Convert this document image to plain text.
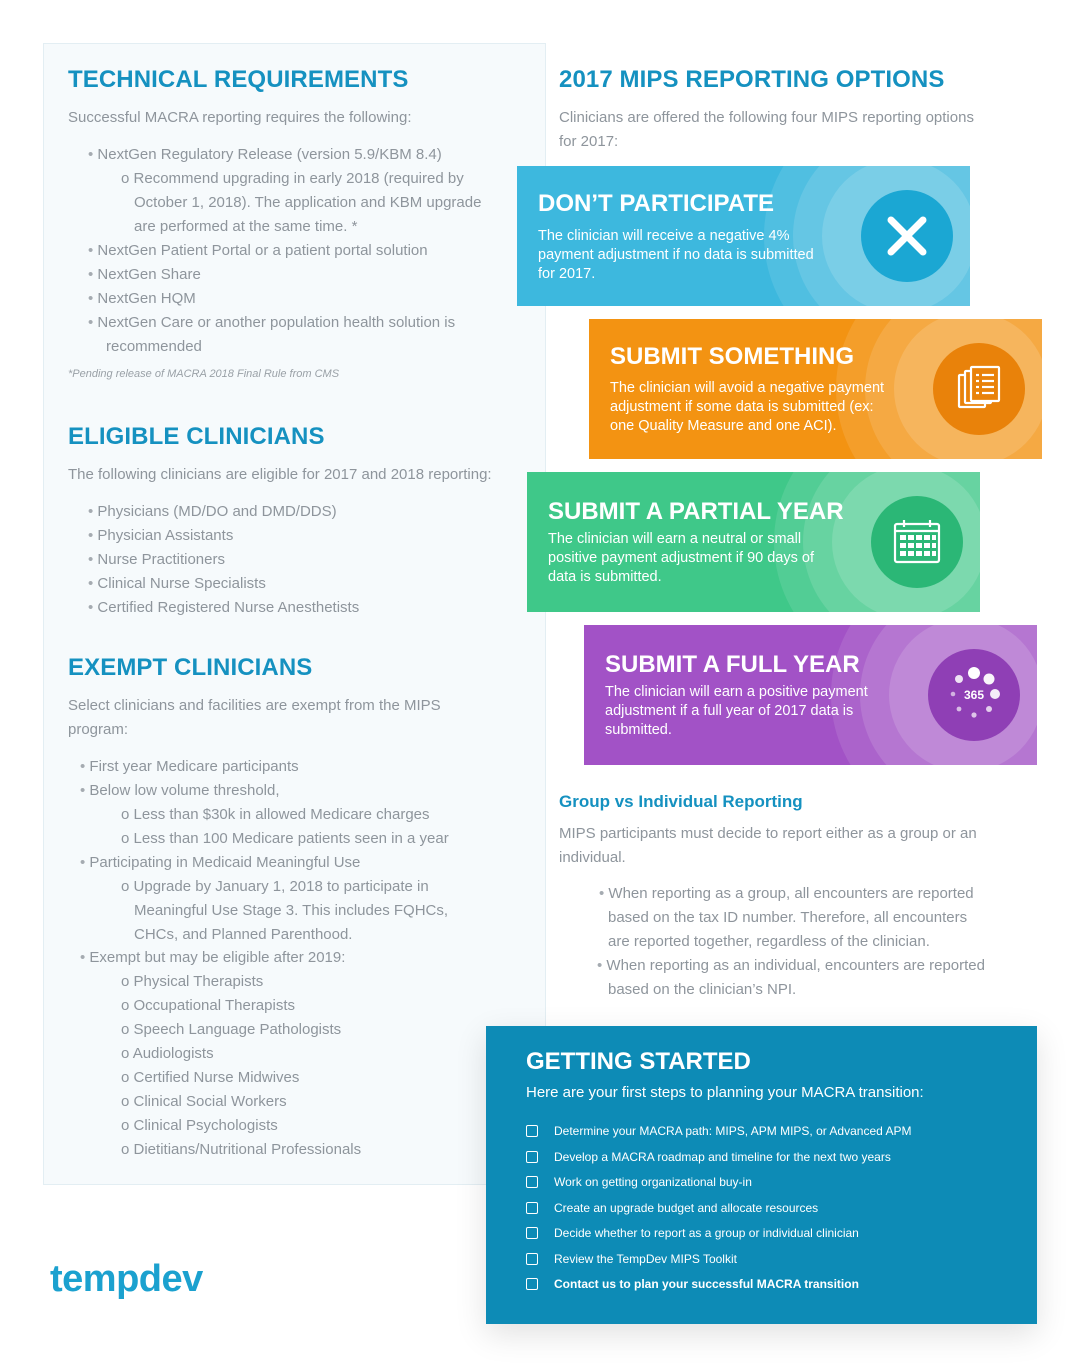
TECHNICAL REQUIREMENTS
Successful MACRA reporting requires the following:
• NextGen Regulatory Release (version 5.9/KBM 8.4)
o Recommend upgrading in early 2018 (required by
October 1, 2018). The application and KBM upgrade
are performed at the same time. *
• NextGen Patient Portal or a patient portal solution
• NextGen Share
• NextGen HQM
• NextGen Care or another population health solution is
recommended
*Pending release of MACRA 2018 Final Rule from CMS
ELIGIBLE CLINICIANS
The following clinicians are eligible for 2017 and 2018 reporting:
• Physicians (MD/DO and DMD/DDS)
• Physician Assistants
• Nurse Practitioners
• Clinical Nurse Specialists
• Certified Registered Nurse Anesthetists
EXEMPT CLINICIANS
Select clinicians and facilities are exempt from the MIPS
program:
• First year Medicare participants
• Below low volume threshold,
o Less than $30k in allowed Medicare charges
o Less than 100 Medicare patients seen in a year
• Participating in Medicaid Meaningful Use
o Upgrade by January 1, 2018 to participate in
Meaningful Use Stage 3. This includes FQHCs,
CHCs, and Planned Parenthood.
• Exempt but may be eligible after 2019:
o Physical Therapists
o Occupational Therapists
o Speech Language Pathologists
o Audiologists
o Certified Nurse Midwives
o Clinical Social Workers
o Clinical Psychologists
o Dietitians/Nutritional Professionals
2017 MIPS REPORTING OPTIONS
Clinicians are offered the following four MIPS reporting options
for 2017:
DON’T PARTICIPATE
The clinician will receive a negative 4%
payment adjustment if no data is submitted
for 2017.
SUBMIT SOMETHING
The clinician will avoid a negative payment
adjustment if some data is submitted (ex:
one Quality Measure and one ACI).
SUBMIT A PARTIAL YEAR
The clinician will earn a neutral or small
positive payment adjustment if 90 days of
data is submitted.
365
SUBMIT A FULL YEAR
The clinician will earn a positive payment
adjustment if a full year of 2017 data is
submitted.
Group vs Individual Reporting
MIPS participants must decide to report either as a group or an
individual.
• When reporting as a group, all encounters are reported
based on the tax ID number. Therefore, all encounters
are reported together, regardless of the clinician.
• When reporting as an individual, encounters are reported
based on the clinician’s NPI.
GETTING STARTED
Here are your first steps to planning your MACRA transition:
Determine your MACRA path: MIPS, APM MIPS, or Advanced APM
Develop a MACRA roadmap and timeline for the next two years
Work on getting organizational buy-in
Create an upgrade budget and allocate resources
Decide whether to report as a group or individual clinician
Review the TempDev MIPS Toolkit
Contact us to plan your successful MACRA transition
tempdev
